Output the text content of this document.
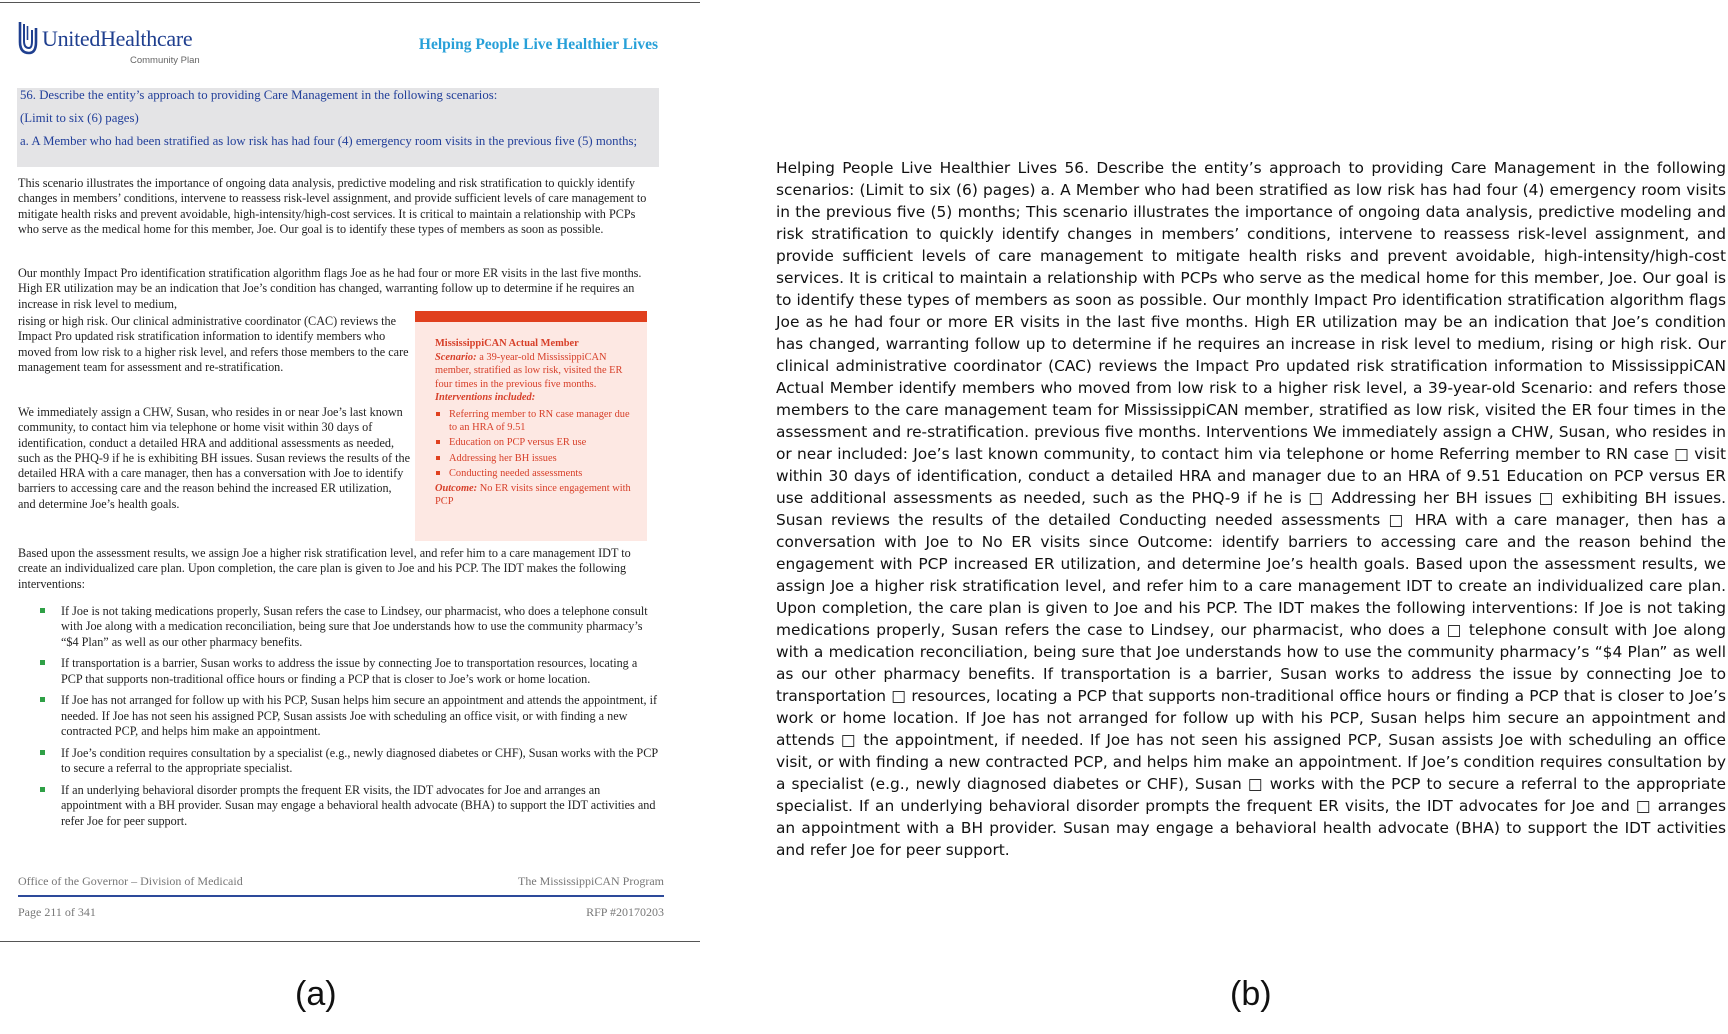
UnitedHealthcare
Community Plan
Helping People Live Healthier Lives

56. Describe the entity’s approach to providing Care Management in the following scenarios:

(Limit to six (6) pages)

a. A Member who had been stratified as low risk has had four (4) emergency room visits in the previous five (5) months;

This scenario illustrates the importance of ongoing data analysis, predictive modeling and risk stratification to quickly identify changes in members’ conditions, intervene to reassess risk-level assignment, and provide sufficient levels of care management to mitigate health risks and prevent avoidable, high-intensity/high-cost services. It is critical to maintain a relationship with PCPs who serve as the medical home for this member, Joe. Our goal is to identify these types of members as soon as possible.

Our monthly Impact Pro identification stratification algorithm flags Joe as he had four or more ER visits in the last five months. High ER utilization may be an indication that Joe’s condition has changed, warranting follow up to determine if he requires an increase in risk level to medium,

rising or high risk. Our clinical administrative coordinator (CAC) reviews the Impact Pro updated risk stratification information to identify members who moved from low risk to a higher risk level, and refers those members to the care management team for assessment and re-stratification.

We immediately assign a CHW, Susan, who resides in or near Joe’s last known community, to contact him via telephone or home visit within 30 days of identification, conduct a detailed HRA and additional assessments as needed, such as the PHQ-9 if he is exhibiting BH issues. Susan reviews the results of the detailed HRA with a care manager, then has a conversation with Joe to identify barriers to accessing care and the reason behind the increased ER utilization, and determine Joe’s health goals.

MississippiCAN Actual Member
Scenario: a 39-year-old MississippiCAN member, stratified as low risk, visited the ER four times in the previous five months. Interventions included:
Referring member to RN case manager due to an HRA of 9.51
Education on PCP versus ER use
Addressing her BH issues
Conducting needed assessments
Outcome: No ER visits since engagement with PCP

Based upon the assessment results, we assign Joe a higher risk stratification level, and refer him to a care management IDT to create an individualized care plan. Upon completion, the care plan is given to Joe and his PCP. The IDT makes the following interventions:

If Joe is not taking medications properly, Susan refers the case to Lindsey, our pharmacist, who does a telephone consult with Joe along with a medication reconciliation, being sure that Joe understands how to use the community pharmacy’s “$4 Plan” as well as our other pharmacy benefits.
If transportation is a barrier, Susan works to address the issue by connecting Joe to transportation resources, locating a PCP that supports non-traditional office hours or finding a PCP that is closer to Joe’s work or home location.
If Joe has not arranged for follow up with his PCP, Susan helps him secure an appointment and attends the appointment, if needed. If Joe has not seen his assigned PCP, Susan assists Joe with scheduling an office visit, or with finding a new contracted PCP, and helps him make an appointment.
If Joe’s condition requires consultation by a specialist (e.g., newly diagnosed diabetes or CHF), Susan works with the PCP to secure a referral to the appropriate specialist.
If an underlying behavioral disorder prompts the frequent ER visits, the IDT advocates for Joe and arranges an appointment with a BH provider. Susan may engage a behavioral health advocate (BHA) to support the IDT activities and refer Joe for peer support.
Office of the Governor – Division of Medicaid	The MississippiCAN Program
Page 211 of 341	RFP #20170203
(a)

Helping People Live Healthier Lives 56. Describe the entity’s approach to providing Care Management in the following scenarios: (Limit to six (6) pages) a. A Member who had been stratified as low risk has had four (4) emergency room visits in the previous five (5) months; This scenario illustrates the importance of ongoing data analysis, predictive modeling and risk stratification to quickly identify changes in members’ conditions, intervene to reassess risk-level assignment, and provide sufficient levels of care management to mitigate health risks and prevent avoidable, high-intensity/high-cost services. It is critical to maintain a relationship with PCPs who serve as the medical home for this member, Joe. Our goal is to identify these types of members as soon as possible. Our monthly Impact Pro identification stratification algorithm flags Joe as he had four or more ER visits in the last five months. High ER utilization may be an indication that Joe’s condition has changed, warranting follow up to determine if he requires an increase in risk level to medium, rising or high risk. Our clinical administrative coordinator (CAC) reviews the Impact Pro updated risk stratification information to MississippiCAN Actual Member identify members who moved from low risk to a higher risk level, a 39-year-old Scenario: and refers those members to the care management team for MississippiCAN member, stratified as low risk, visited the ER four times in the assessment and re-stratification. previous five months. Interventions We immediately assign a CHW, Susan, who resides in or near included: Joe’s last known community, to contact him via telephone or home Referring member to RN case □ visit within 30 days of identification, conduct a detailed HRA and manager due to an HRA of 9.51 Education on PCP versus ER use additional assessments as needed, such as the PHQ-9 if he is □ Addressing her BH issues □ exhibiting BH issues. Susan reviews the results of the detailed Conducting needed assessments □ HRA with a care manager, then has a conversation with Joe to No ER visits since Outcome: identify barriers to accessing care and the reason behind the engagement with PCP increased ER utilization, and determine Joe’s health goals. Based upon the assessment results, we assign Joe a higher risk stratification level, and refer him to a care management IDT to create an individualized care plan. Upon completion, the care plan is given to Joe and his PCP. The IDT makes the following interventions: If Joe is not taking medications properly, Susan refers the case to Lindsey, our pharmacist, who does a □ telephone consult with Joe along with a medication reconciliation, being sure that Joe understands how to use the community pharmacy’s “$4 Plan” as well as our other pharmacy benefits. If transportation is a barrier, Susan works to address the issue by connecting Joe to transportation □ resources, locating a PCP that supports non-traditional office hours or finding a PCP that is closer to Joe’s work or home location. If Joe has not arranged for follow up with his PCP, Susan helps him secure an appointment and attends □ the appointment, if needed. If Joe has not seen his assigned PCP, Susan assists Joe with scheduling an office visit, or with finding a new contracted PCP, and helps him make an appointment. If Joe’s condition requires consultation by a specialist (e.g., newly diagnosed diabetes or CHF), Susan □ works with the PCP to secure a referral to the appropriate specialist. If an underlying behavioral disorder prompts the frequent ER visits, the IDT advocates for Joe and □ arranges an appointment with a BH provider. Susan may engage a behavioral health advocate (BHA) to support the IDT activities and refer Joe for peer support.

(b)
